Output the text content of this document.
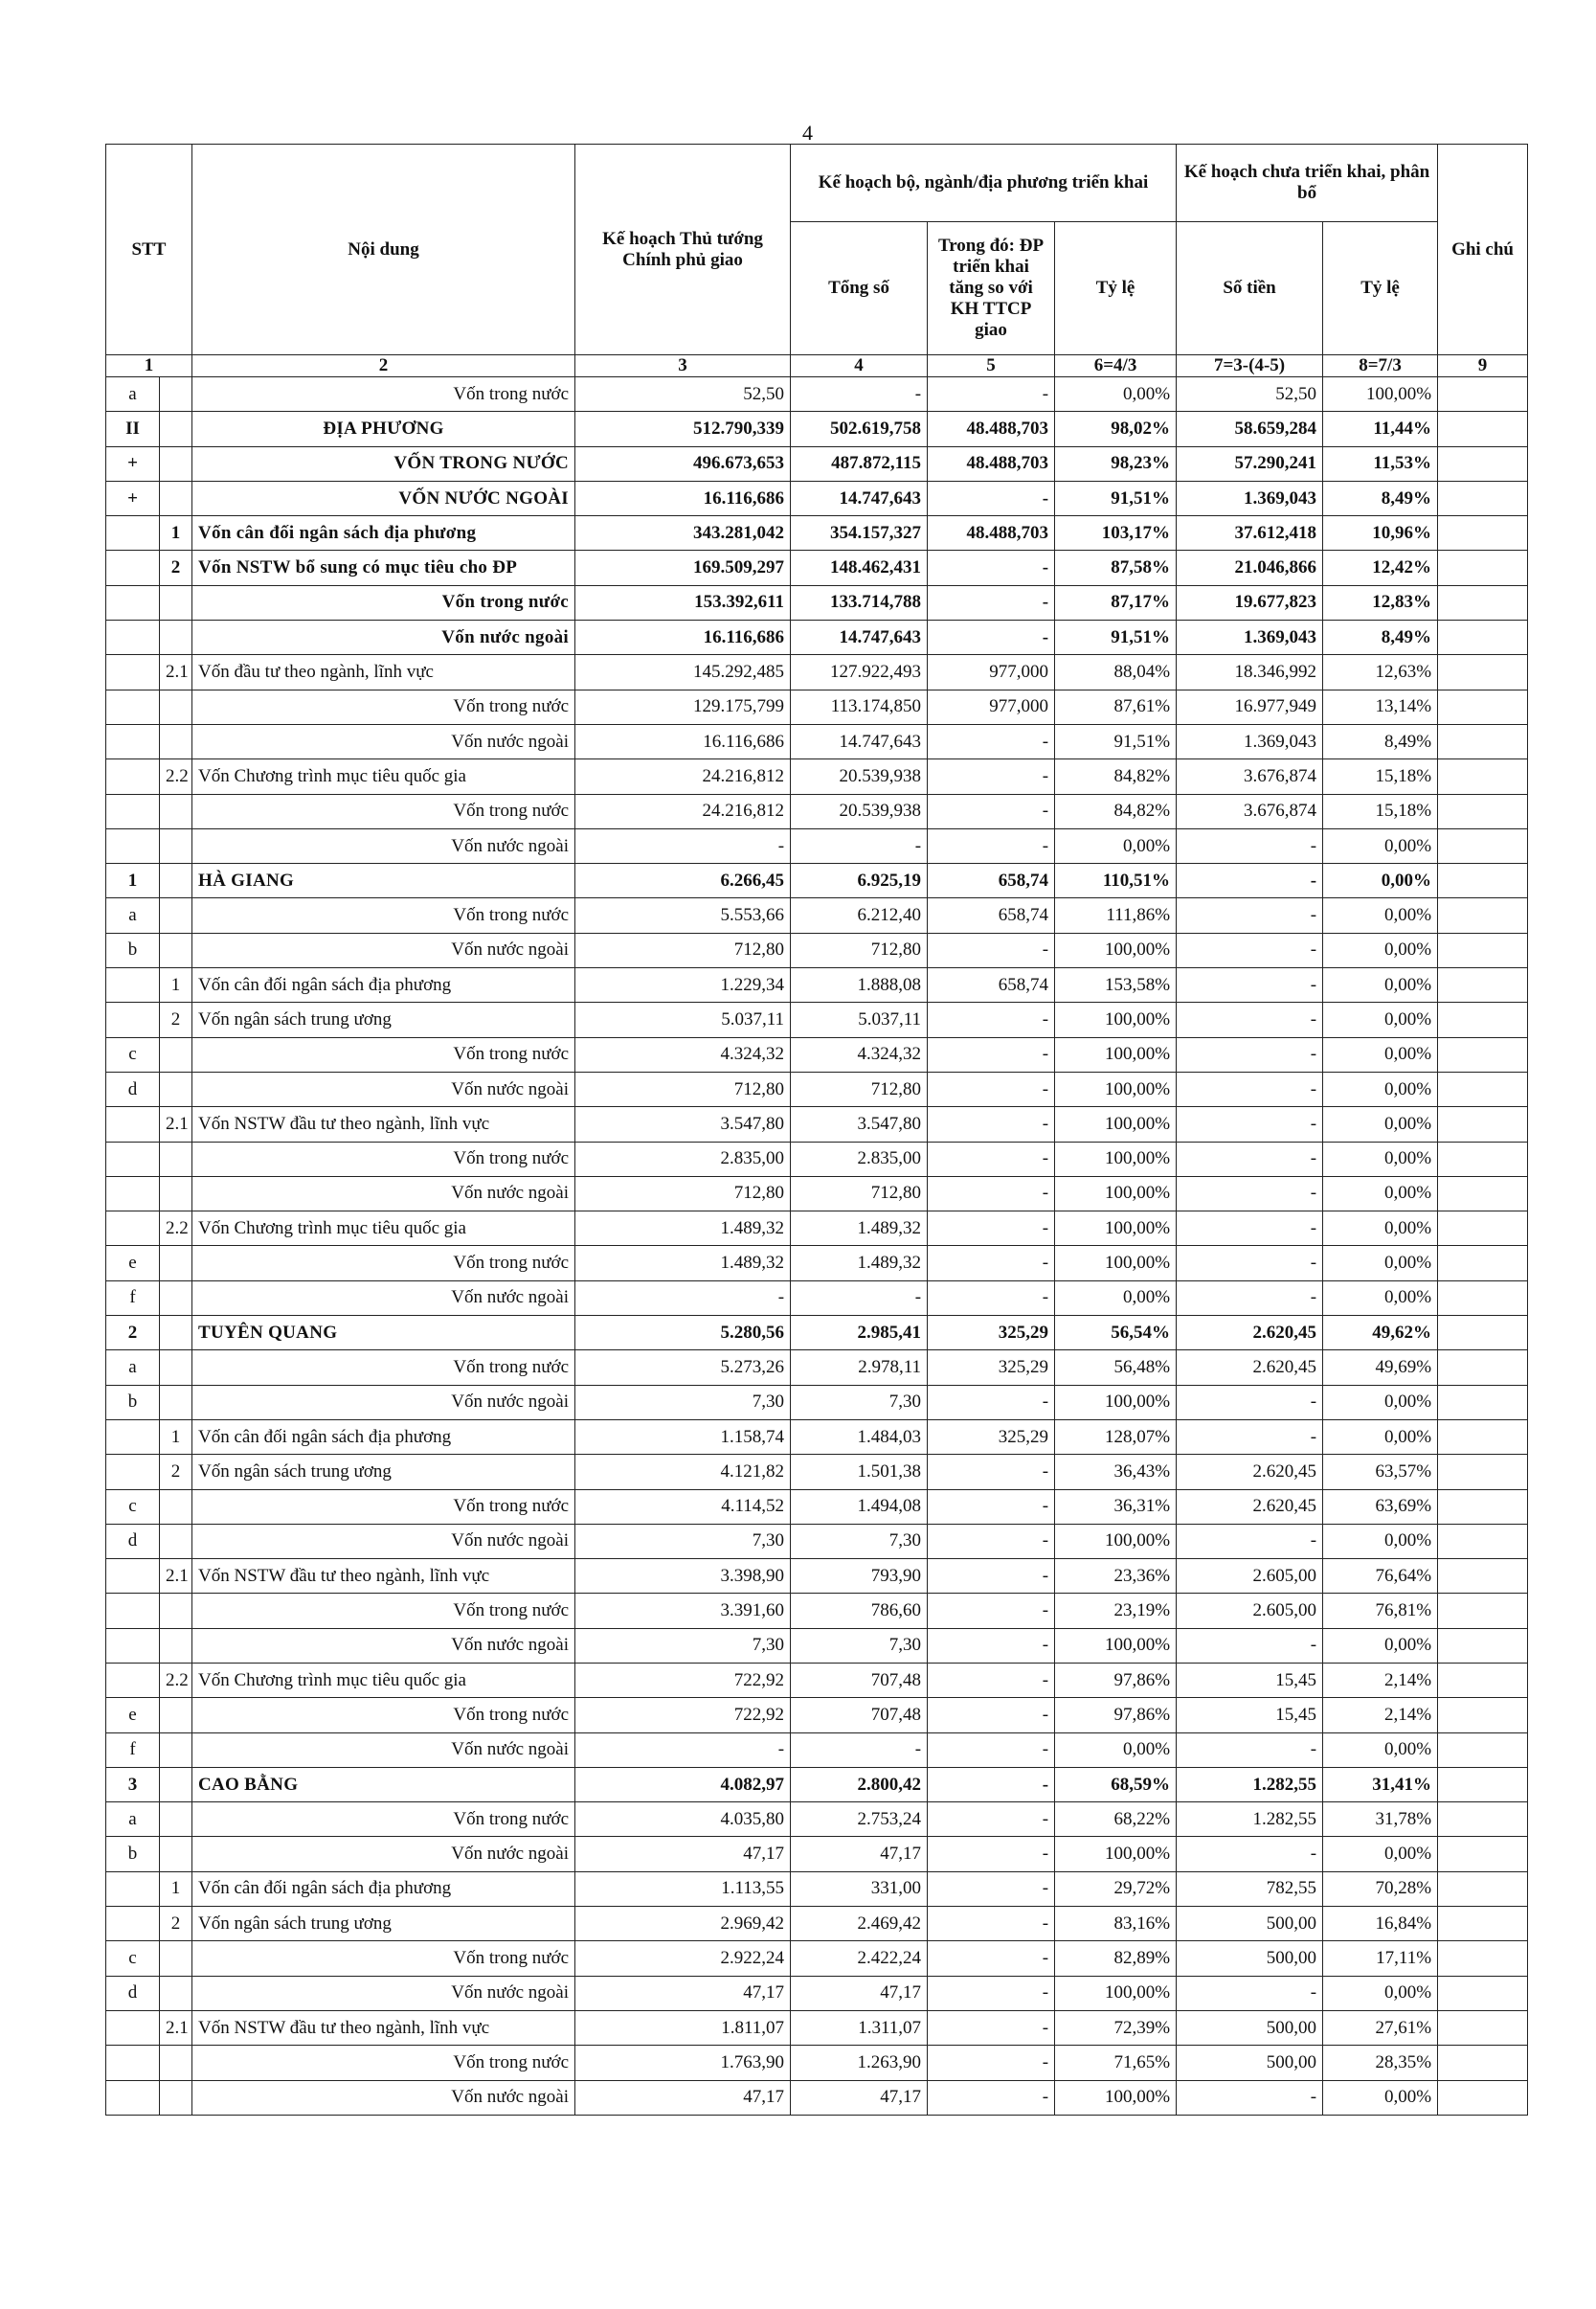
4
STT		Nội dung	Kế hoạch Thủ tướng Chính phủ giao	Kế hoạch bộ, ngành/địa phương triển khai			Kế hoạch chưa triển khai, phân bổ		Ghi chú
				Tổng số	Trong đó: ĐP triển khai tăng so với KH TTCP giao	Tỷ lệ	Số tiền	Tỷ lệ	
1		2	3	4	5	6=4/3	7=3-(4-5)	8=7/3	9
a		Vốn trong nước	52,50	-	-	0,00%	52,50	100,00%	
II		ĐỊA PHƯƠNG	512.790,339	502.619,758	48.488,703	98,02%	58.659,284	11,44%	
+		VỐN TRONG NƯỚC	496.673,653	487.872,115	48.488,703	98,23%	57.290,241	11,53%	
+		VỐN NƯỚC NGOÀI	16.116,686	14.747,643	-	91,51%	1.369,043	8,49%	
	1	Vốn cân đối ngân sách địa phương	343.281,042	354.157,327	48.488,703	103,17%	37.612,418	10,96%	
	2	Vốn NSTW bổ sung có mục tiêu cho ĐP	169.509,297	148.462,431	-	87,58%	21.046,866	12,42%	
		Vốn trong nước	153.392,611	133.714,788	-	87,17%	19.677,823	12,83%	
		Vốn nước ngoài	16.116,686	14.747,643	-	91,51%	1.369,043	8,49%	
	2.1	Vốn đầu tư theo ngành, lĩnh vực	145.292,485	127.922,493	977,000	88,04%	18.346,992	12,63%	
		Vốn trong nước	129.175,799	113.174,850	977,000	87,61%	16.977,949	13,14%	
		Vốn nước ngoài	16.116,686	14.747,643	-	91,51%	1.369,043	8,49%	
	2.2	Vốn Chương trình mục tiêu quốc gia	24.216,812	20.539,938	-	84,82%	3.676,874	15,18%	
		Vốn trong nước	24.216,812	20.539,938	-	84,82%	3.676,874	15,18%	
		Vốn nước ngoài	-	-	-	0,00%	-	0,00%	
1		HÀ GIANG	6.266,45	6.925,19	658,74	110,51%	-	0,00%	
a		Vốn trong nước	5.553,66	6.212,40	658,74	111,86%	-	0,00%	
b		Vốn nước ngoài	712,80	712,80	-	100,00%	-	0,00%	
	1	Vốn cân đối ngân sách địa phương	1.229,34	1.888,08	658,74	153,58%	-	0,00%	
	2	Vốn ngân sách trung ương	5.037,11	5.037,11	-	100,00%	-	0,00%	
c		Vốn trong nước	4.324,32	4.324,32	-	100,00%	-	0,00%	
d		Vốn nước ngoài	712,80	712,80	-	100,00%	-	0,00%	
	2.1	Vốn NSTW đầu tư theo ngành, lĩnh vực	3.547,80	3.547,80	-	100,00%	-	0,00%	
		Vốn trong nước	2.835,00	2.835,00	-	100,00%	-	0,00%	
		Vốn nước ngoài	712,80	712,80	-	100,00%	-	0,00%	
	2.2	Vốn Chương trình mục tiêu quốc gia	1.489,32	1.489,32	-	100,00%	-	0,00%	
e		Vốn trong nước	1.489,32	1.489,32	-	100,00%	-	0,00%	
f		Vốn nước ngoài	-	-	-	0,00%	-	0,00%	
2		TUYÊN QUANG	5.280,56	2.985,41	325,29	56,54%	2.620,45	49,62%	
a		Vốn trong nước	5.273,26	2.978,11	325,29	56,48%	2.620,45	49,69%	
b		Vốn nước ngoài	7,30	7,30	-	100,00%	-	0,00%	
	1	Vốn cân đối ngân sách địa phương	1.158,74	1.484,03	325,29	128,07%	-	0,00%	
	2	Vốn ngân sách trung ương	4.121,82	1.501,38	-	36,43%	2.620,45	63,57%	
c		Vốn trong nước	4.114,52	1.494,08	-	36,31%	2.620,45	63,69%	
d		Vốn nước ngoài	7,30	7,30	-	100,00%	-	0,00%	
	2.1	Vốn NSTW đầu tư theo ngành, lĩnh vực	3.398,90	793,90	-	23,36%	2.605,00	76,64%	
		Vốn trong nước	3.391,60	786,60	-	23,19%	2.605,00	76,81%	
		Vốn nước ngoài	7,30	7,30	-	100,00%	-	0,00%	
	2.2	Vốn Chương trình mục tiêu quốc gia	722,92	707,48	-	97,86%	15,45	2,14%	
e		Vốn trong nước	722,92	707,48	-	97,86%	15,45	2,14%	
f		Vốn nước ngoài	-	-	-	0,00%	-	0,00%	
3		CAO BẰNG	4.082,97	2.800,42	-	68,59%	1.282,55	31,41%	
a		Vốn trong nước	4.035,80	2.753,24	-	68,22%	1.282,55	31,78%	
b		Vốn nước ngoài	47,17	47,17	-	100,00%	-	0,00%	
	1	Vốn cân đối ngân sách địa phương	1.113,55	331,00	-	29,72%	782,55	70,28%	
	2	Vốn ngân sách trung ương	2.969,42	2.469,42	-	83,16%	500,00	16,84%	
c		Vốn trong nước	2.922,24	2.422,24	-	82,89%	500,00	17,11%	
d		Vốn nước ngoài	47,17	47,17	-	100,00%	-	0,00%	
	2.1	Vốn NSTW đầu tư theo ngành, lĩnh vực	1.811,07	1.311,07	-	72,39%	500,00	27,61%	
		Vốn trong nước	1.763,90	1.263,90	-	71,65%	500,00	28,35%	
		Vốn nước ngoài	47,17	47,17	-	100,00%	-	0,00%	
